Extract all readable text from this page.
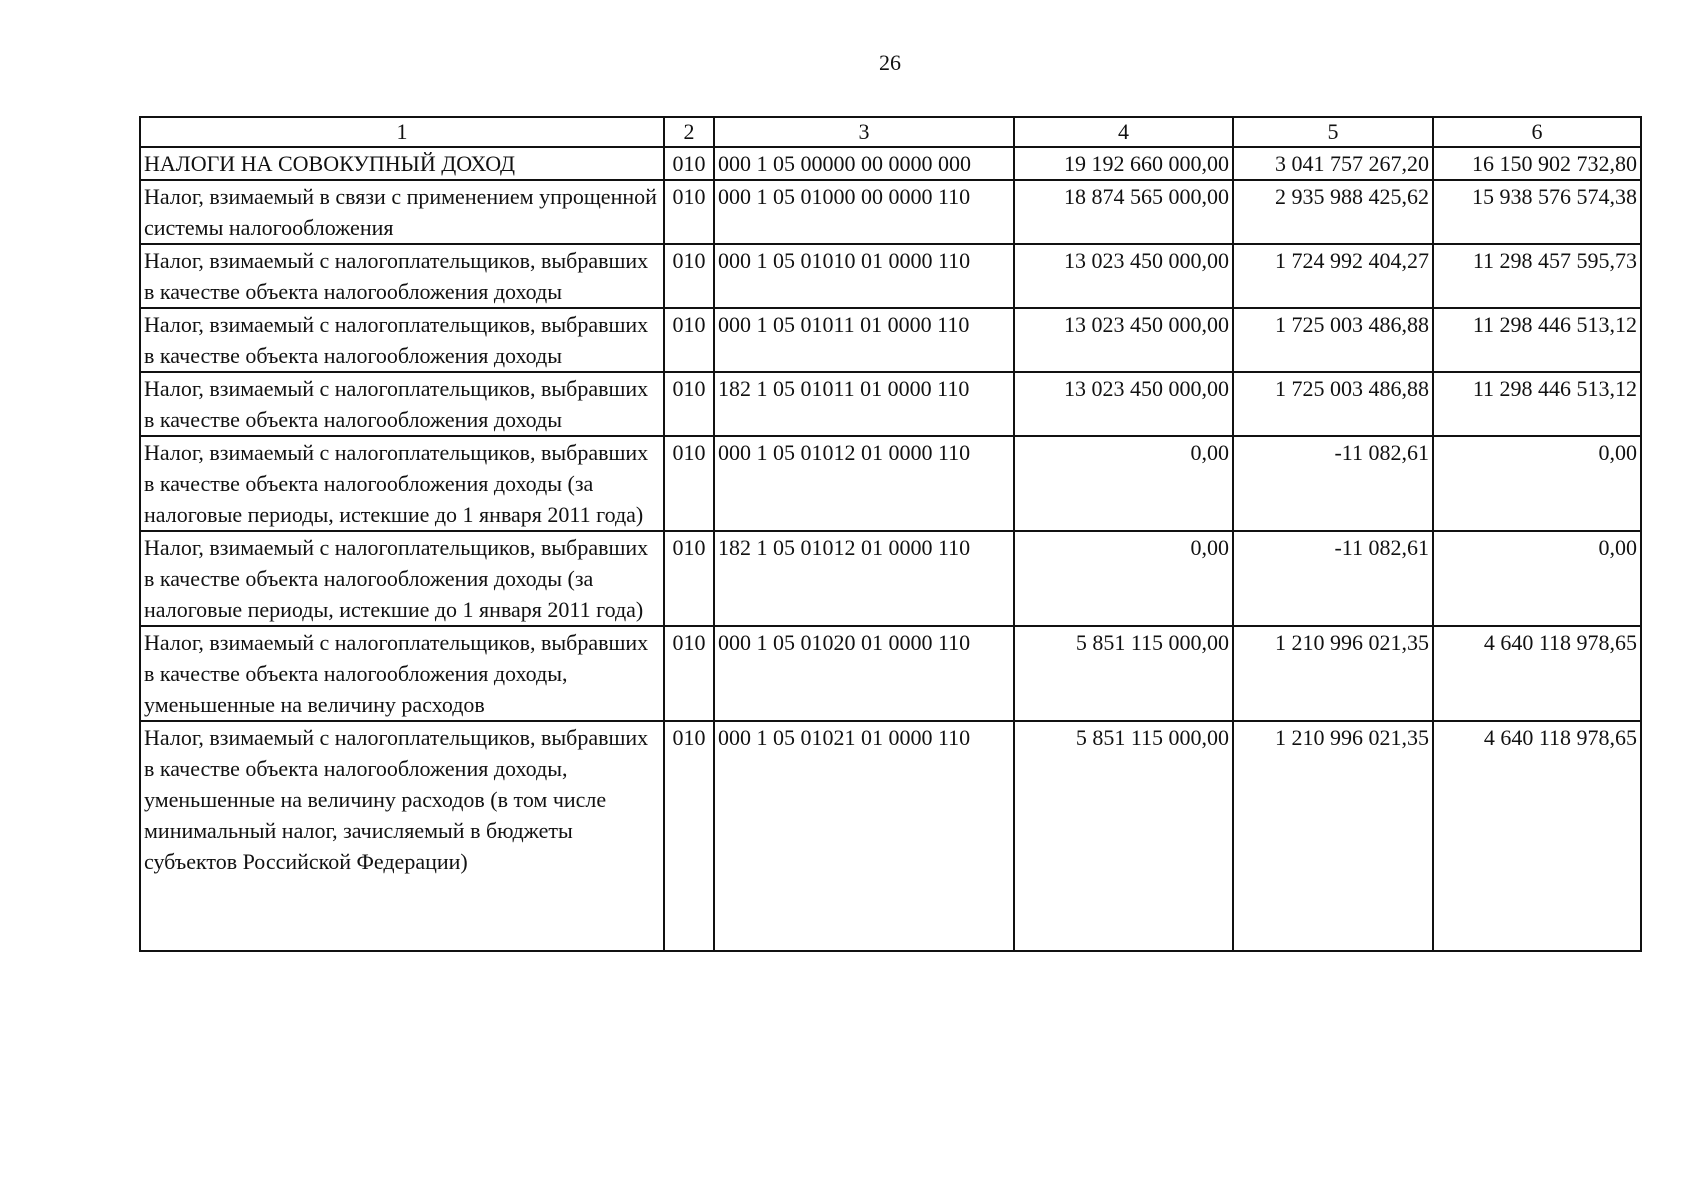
26
1	2	3	4	5	6
НАЛОГИ НА СОВОКУПНЫЙ ДОХОД	010	000 1 05 00000 00 0000 000	19 192 660 000,00	3 041 757 267,20	16 150 902 732,80
Налог, взимаемый в связи с применением упрощенной системы налогообложения	010	000 1 05 01000 00 0000 110	18 874 565 000,00	2 935 988 425,62	15 938 576 574,38
Налог, взимаемый с налогоплательщиков, выбравших в качестве объекта налогообложения доходы	010	000 1 05 01010 01 0000 110	13 023 450 000,00	1 724 992 404,27	11 298 457 595,73
Налог, взимаемый с налогоплательщиков, выбравших в качестве объекта налогообложения доходы	010	000 1 05 01011 01 0000 110	13 023 450 000,00	1 725 003 486,88	11 298 446 513,12
Налог, взимаемый с налогоплательщиков, выбравших в качестве объекта налогообложения доходы	010	182 1 05 01011 01 0000 110	13 023 450 000,00	1 725 003 486,88	11 298 446 513,12
Налог, взимаемый с налогоплательщиков, выбравших в качестве объекта налогообложения доходы (за налоговые периоды, истекшие до 1 января 2011 года)	010	000 1 05 01012 01 0000 110	0,00	-11 082,61	0,00
Налог, взимаемый с налогоплательщиков, выбравших в качестве объекта налогообложения доходы (за налоговые периоды, истекшие до 1 января 2011 года)	010	182 1 05 01012 01 0000 110	0,00	-11 082,61	0,00
Налог, взимаемый с налогоплательщиков, выбравших в качестве объекта налогообложения доходы, уменьшенные на величину расходов	010	000 1 05 01020 01 0000 110	5 851 115 000,00	1 210 996 021,35	4 640 118 978,65
Налог, взимаемый с налогоплательщиков, выбравших в качестве объекта налогообложения доходы, уменьшенные на величину расходов (в том числе минимальный налог, зачисляемый в бюджеты субъектов Российской Федерации)	010	000 1 05 01021 01 0000 110	5 851 115 000,00	1 210 996 021,35	4 640 118 978,65
